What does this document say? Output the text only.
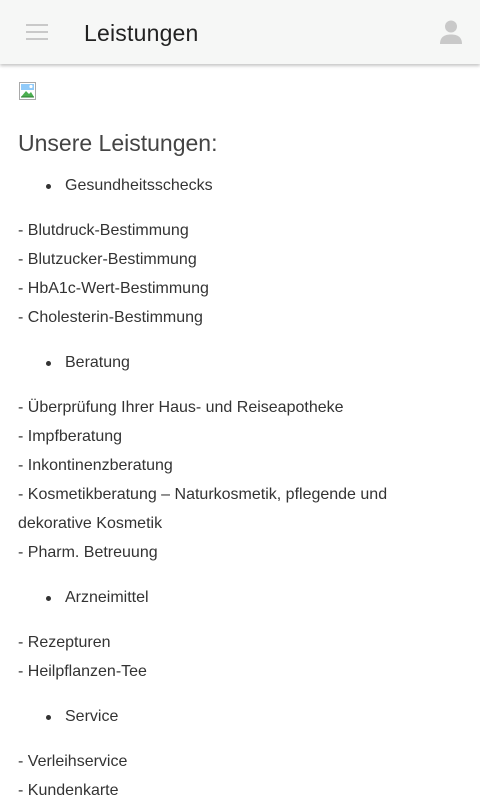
Leistungen
Unsere Leistungen:
Gesundheitsschecks
- Blutdruck-Bestimmung
- Blutzucker-Bestimmung
- HbA1c-Wert-Bestimmung
- Cholesterin-Bestimmung
Beratung
- Überprüfung Ihrer Haus- und Reiseapotheke
- Impfberatung
- Inkontinenzberatung
- Kosmetikberatung – Naturkosmetik, pflegende und
dekorative Kosmetik
- Pharm. Betreuung
Arzneimittel
- Rezepturen
- Heilpflanzen-Tee
Service
- Verleihservice
- Kundenkarte
